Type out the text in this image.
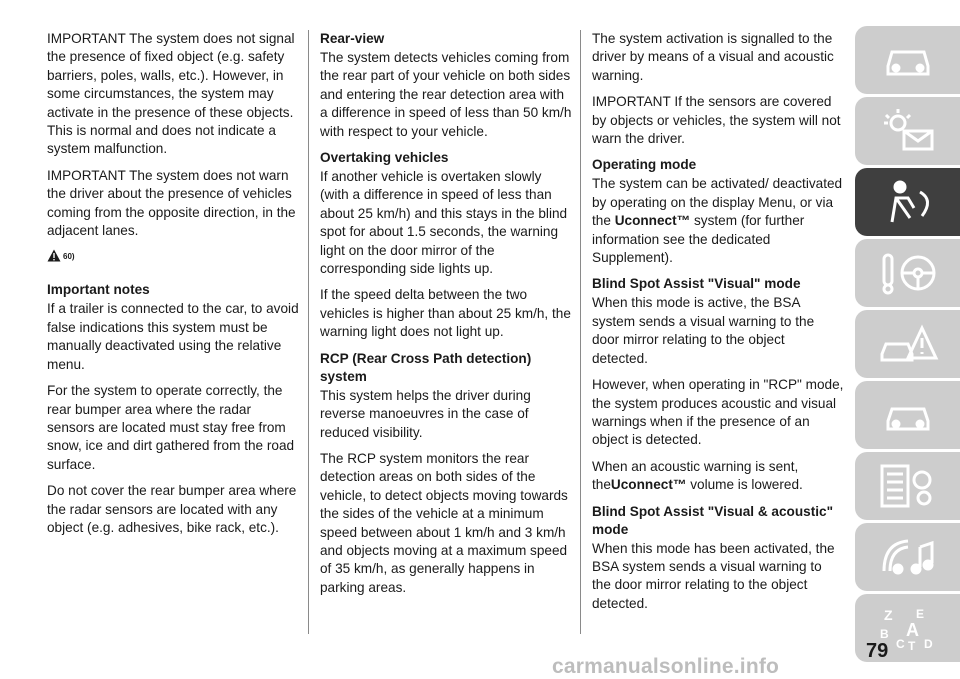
IMPORTANT The system does not signal the presence of fixed object (e.g. safety barriers, poles, walls, etc.). However, in some circumstances, the system may activate in the presence of these objects. This is normal and does not indicate a system malfunction.

IMPORTANT The system does not warn the driver about the presence of vehicles coming from the opposite direction, in the adjacent lanes.

60)
Important notes

If a trailer is connected to the car, to avoid false indications this system must be manually deactivated using the relative menu.

For the system to operate correctly, the rear bumper area where the radar sensors are located must stay free from snow, ice and dirt gathered from the road surface.

Do not cover the rear bumper area where the radar sensors are located with any object (e.g. adhesives, bike rack, etc.).

Rear-view

The system detects vehicles coming from the rear part of your vehicle on both sides and entering the rear detection area with a difference in speed of less than 50 km/h with respect to your vehicle.

Overtaking vehicles

If another vehicle is overtaken slowly (with a difference in speed of less than about 25 km/h) and this stays in the blind spot for about 1.5 seconds, the warning light on the door mirror of the corresponding side lights up.

If the speed delta between the two vehicles is higher than about 25 km/h, the warning light does not light up.

RCP (Rear Cross Path detection) system

This system helps the driver during reverse manoeuvres in the case of reduced visibility.

The RCP system monitors the rear detection areas on both sides of the vehicle, to detect objects moving towards the sides of the vehicle at a minimum speed between about 1 km/h and 3 km/h and objects moving at a maximum speed of 35 km/h, as generally happens in parking areas.

The system activation is signalled to the driver by means of a visual and acoustic warning.

IMPORTANT If the sensors are covered by objects or vehicles, the system will not warn the driver.

Operating mode

The system can be activated/ deactivated by operating on the display Menu, or via the Uconnect™ system (for further information see the dedicated Supplement).

Blind Spot Assist "Visual" mode

When this mode is active, the BSA system sends a visual warning to the door mirror relating to the object detected.

However, when operating in "RCP" mode, the system produces acoustic and visual warnings when if the presence of an object is detected.

When an acoustic warning is sent, theUconnect™ volume is lowered.

Blind Spot Assist "Visual & acoustic" mode

When this mode has been activated, the BSA system sends a visual warning to the door mirror relating to the object detected.

Z E
B A
C D
T
79
carmanualsonline.info
